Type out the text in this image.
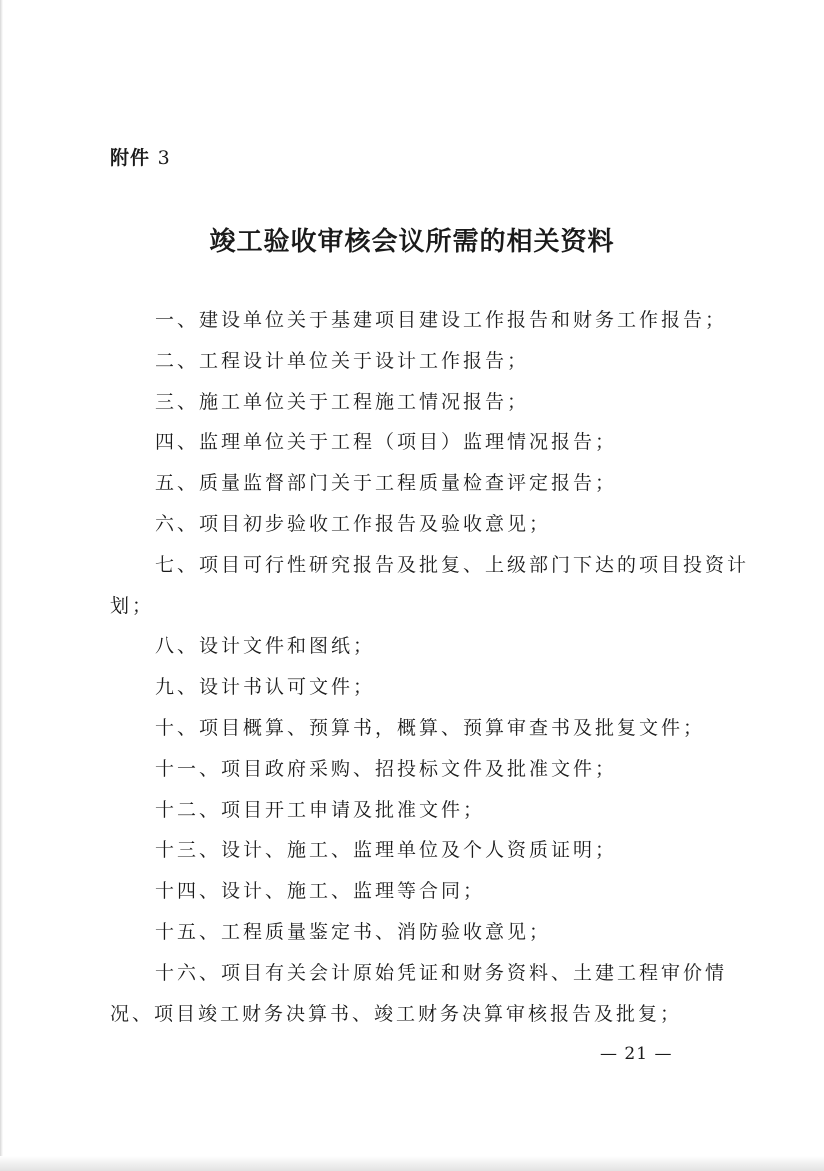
附件 3
竣工验收审核会议所需的相关资料
一、建设单位关于基建项目建设工作报告和财务工作报告；
二、工程设计单位关于设计工作报告；
三、施工单位关于工程施工情况报告；
四、监理单位关于工程（项目）监理情况报告；
五、质量监督部门关于工程质量检查评定报告；
六、项目初步验收工作报告及验收意见；
七、项目可行性研究报告及批复、上级部门下达的项目投资计
划；
八、设计文件和图纸；
九、设计书认可文件；
十、项目概算、预算书，概算、预算审查书及批复文件；
十一、项目政府采购、招投标文件及批准文件；
十二、项目开工申请及批准文件；
十三、设计、施工、监理单位及个人资质证明；
十四、设计、施工、监理等合同；
十五、工程质量鉴定书、消防验收意见；
十六、项目有关会计原始凭证和财务资料、土建工程审价情
况、项目竣工财务决算书、竣工财务决算审核报告及批复；
— 21 —
